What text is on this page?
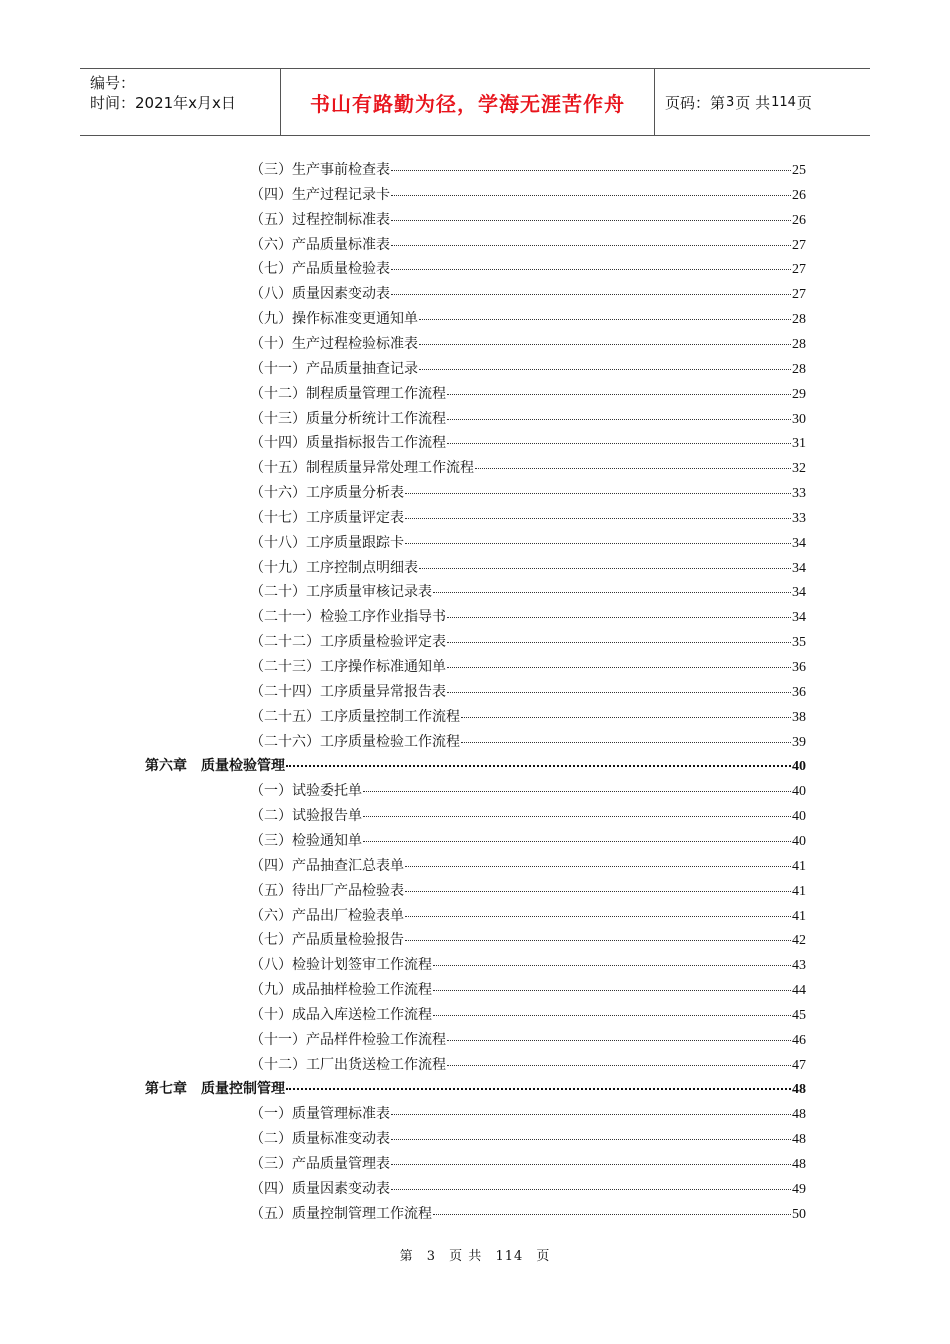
编号：
时间：2021年x月x日	书山有路勤为径，学海无涯苦作舟	页码：第 3 页 共 114 页
（三）生产事前检查表	25
（四）生产过程记录卡	26
（五）过程控制标准表	26
（六）产品质量标准表	27
（七）产品质量检验表	27
（八）质量因素变动表	27
（九）操作标准变更通知单	28
（十）生产过程检验标准表	28
（十一）产品质量抽查记录	28
（十二）制程质量管理工作流程	29
（十三）质量分析统计工作流程	30
（十四）质量指标报告工作流程	31
（十五）制程质量异常处理工作流程	32
（十六）工序质量分析表	33
（十七）工序质量评定表	33
（十八）工序质量跟踪卡	34
（十九）工序控制点明细表	34
（二十）工序质量审核记录表	34
（二十一）检验工序作业指导书	34
（二十二）工序质量检验评定表	35
（二十三）工序操作标准通知单	36
（二十四）工序质量异常报告表	36
（二十五）工序质量控制工作流程	38
（二十六）工序质量检验工作流程	39
第六章　质量检验管理	40
（一）试验委托单	40
（二）试验报告单	40
（三）检验通知单	40
（四）产品抽查汇总表单	41
（五）待出厂产品检验表	41
（六）产品出厂检验表单	41
（七）产品质量检验报告	42
（八）检验计划签审工作流程	43
（九）成品抽样检验工作流程	44
（十）成品入库送检工作流程	45
（十一）产品样件检验工作流程	46
（十二）工厂出货送检工作流程	47
第七章　质量控制管理	48
（一）质量管理标准表	48
（二）质量标准变动表	48
（三）产品质量管理表	48
（四）质量因素变动表	49
（五）质量控制管理工作流程	50
第 3 页 共 114 页
